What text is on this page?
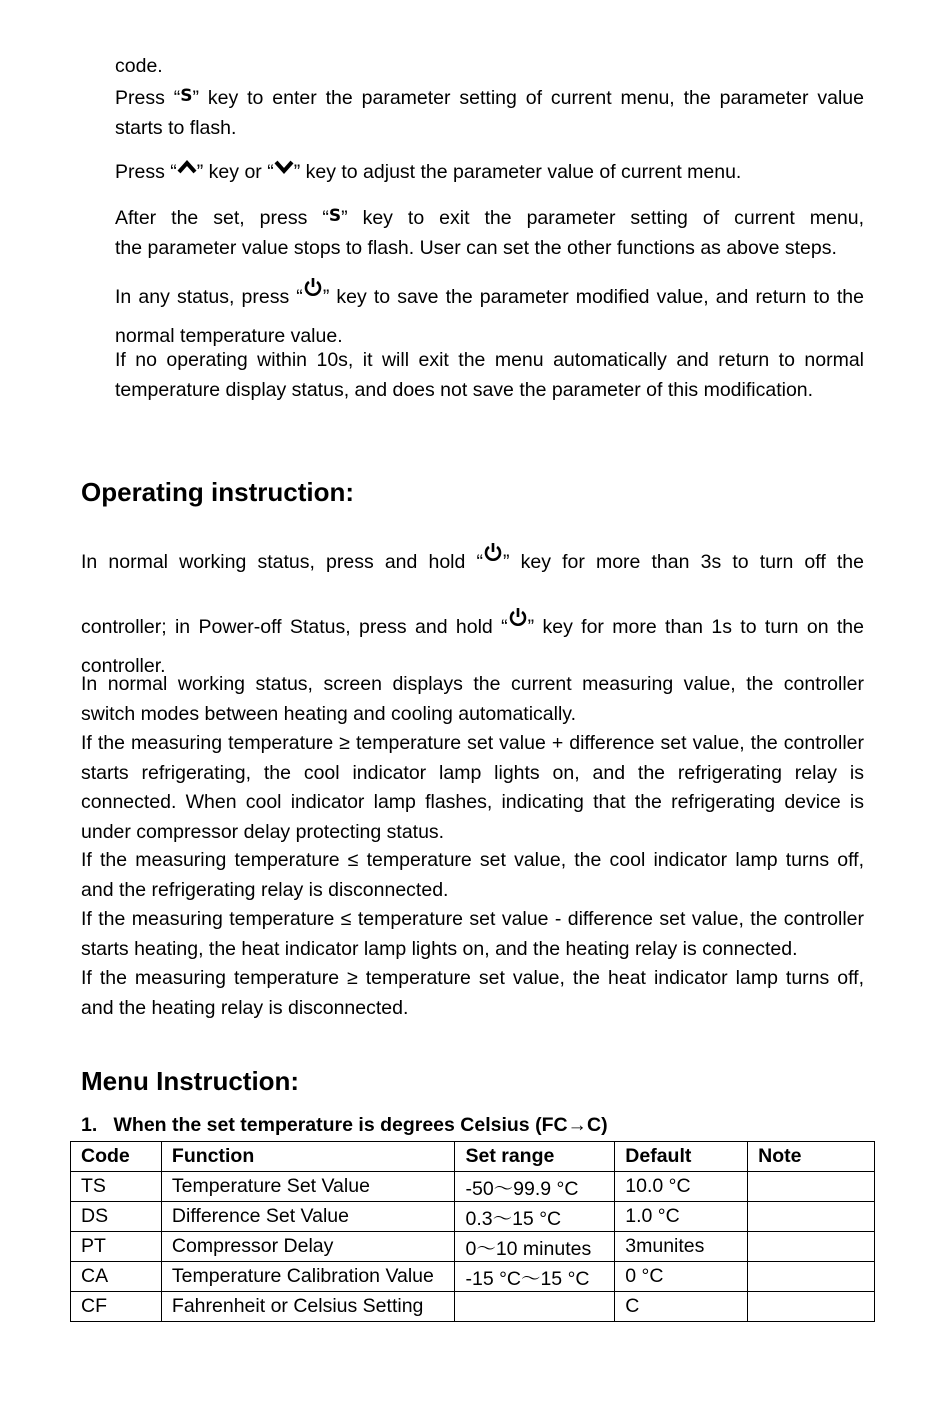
code.
Press “S” key to enter the parameter setting of current menu, the parameter value
starts to flash.
Press “ ” key or “ ” key to adjust the parameter value of current menu.
After the set, press “S” key to exit the parameter setting of current menu,
the parameter value stops to flash. User can set the other functions as above steps.
In any status, press “ ” key to save the parameter modified value, and return to the
normal temperature value.
If no operating within 10s, it will exit the menu automatically and return to normal temperature display status, and does not save the parameter of this modification.
Operating instruction:
In normal working status, press and hold “ ” key for more than 3s to turn off the
controller; in Power-off Status, press and hold “ ” key for more than 1s to turn on the
controller.
In normal working status, screen displays the current measuring value, the controller switch modes between heating and cooling automatically.
If the measuring temperature ≥ temperature set value + difference set value, the controller starts refrigerating, the cool indicator lamp lights on, and the refrigerating relay is connected. When cool indicator lamp flashes, indicating that the refrigerating device is under compressor delay protecting status.
If the measuring temperature ≤ temperature set value, the cool indicator lamp turns off, and the refrigerating relay is disconnected.
If the measuring temperature ≤ temperature set value - difference set value, the controller starts heating, the heat indicator lamp lights on, and the heating relay is connected.
If the measuring temperature ≥ temperature set value, the heat indicator lamp turns off, and the heating relay is disconnected.
Menu Instruction:
1.   When the set temperature is degrees Celsius (FC→C)
Code	Function	Set range	Default	Note
TS	Temperature Set Value	-50～99.9 °C	10.0 °C	
DS	Difference Set Value	0.3～15 °C	1.0 °C	
PT	Compressor Delay	0～10 minutes	3munites	
CA	Temperature Calibration Value	-15 °C～15 °C	0 °C	
CF	Fahrenheit or Celsius Setting		C	
